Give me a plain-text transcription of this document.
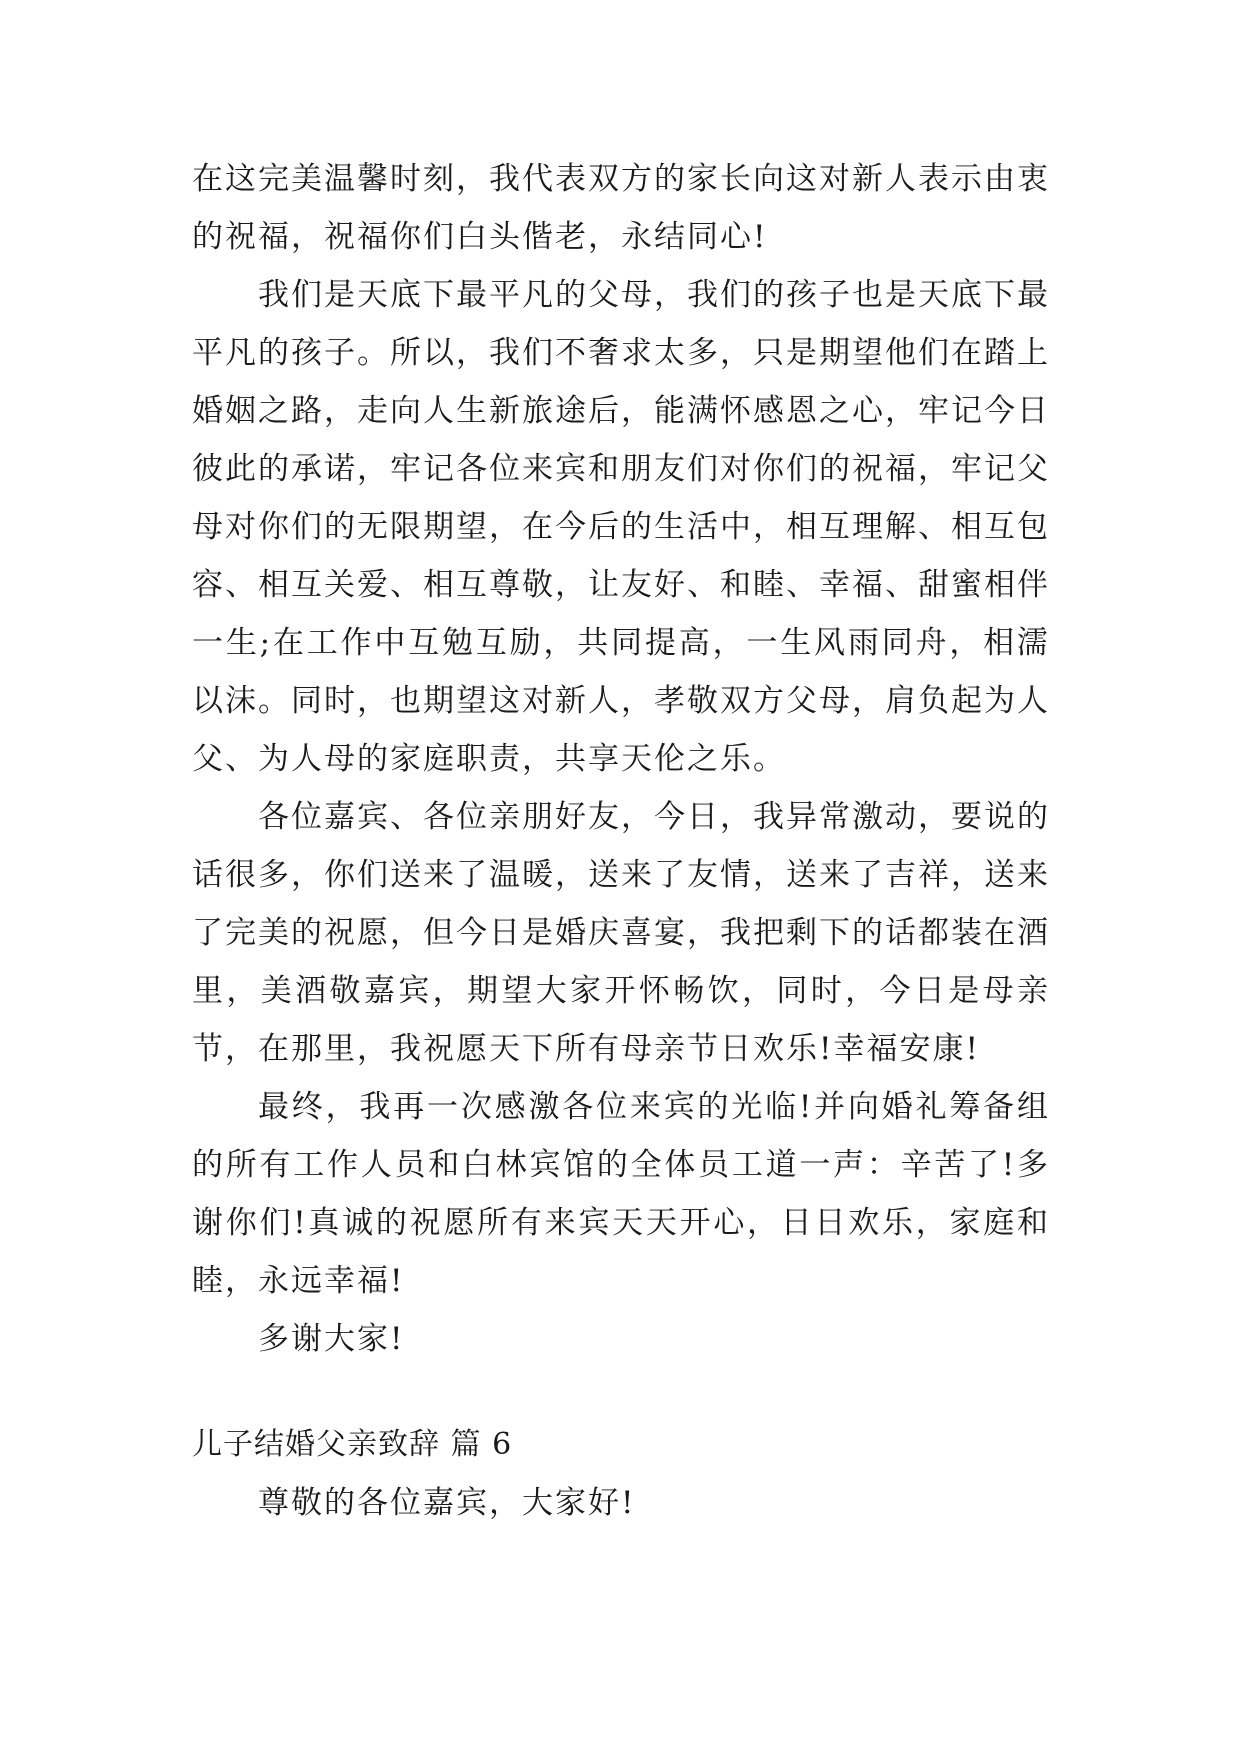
在这完美温馨时刻，我代表双方的家长向这对新人表示由衷的祝福，祝福你们白头偕老，永结同心!

我们是天底下最平凡的父母，我们的孩子也是天底下最平凡的孩子。所以，我们不奢求太多，只是期望他们在踏上婚姻之路，走向人生新旅途后，能满怀感恩之心，牢记今日彼此的承诺，牢记各位来宾和朋友们对你们的祝福，牢记父母对你们的无限期望，在今后的生活中，相互理解、相互包容、相互关爱、相互尊敬，让友好、和睦、幸福、甜蜜相伴一生;在工作中互勉互励，共同提高，一生风雨同舟，相濡以沫。同时，也期望这对新人，孝敬双方父母，肩负起为人父、为人母的家庭职责，共享天伦之乐。

各位嘉宾、各位亲朋好友，今日，我异常激动，要说的话很多，你们送来了温暖，送来了友情，送来了吉祥，送来了完美的祝愿，但今日是婚庆喜宴，我把剩下的话都装在酒里，美酒敬嘉宾，期望大家开怀畅饮，同时，今日是母亲节，在那里，我祝愿天下所有母亲节日欢乐!幸福安康!

最终，我再一次感激各位来宾的光临!并向婚礼筹备组的所有工作人员和白林宾馆的全体员工道一声：辛苦了!多谢你们!真诚的祝愿所有来宾天天开心，日日欢乐，家庭和睦，永远幸福!

多谢大家!

儿子结婚父亲致辞 篇 6

尊敬的各位嘉宾，大家好!
